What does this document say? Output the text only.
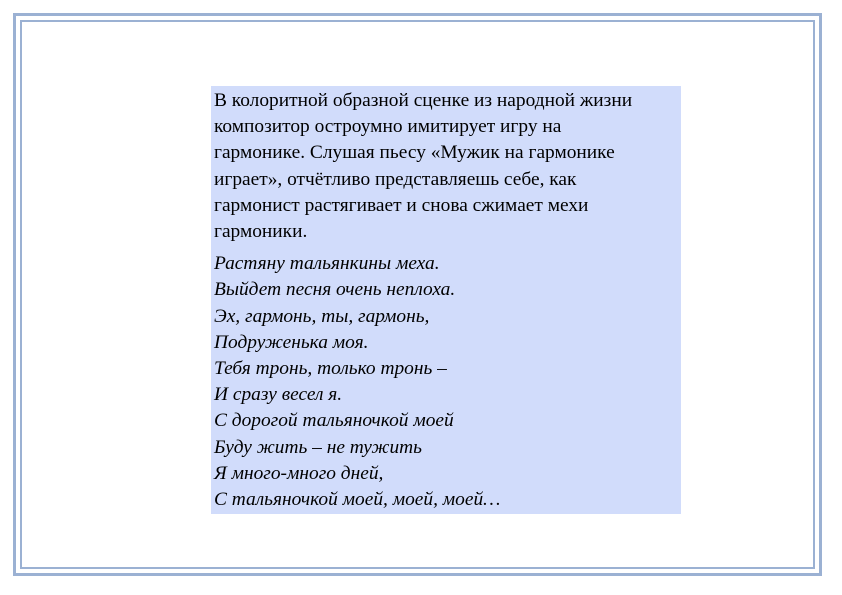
В колоритной образной сценке из народной жизни
композитор остроумно имитирует игру на
гармонике. Слушая пьесу «Мужик на гармонике
играет», отчётливо представляешь себе, как
гармонист растягивает и снова сжимает мехи
гармоники.

Растяну тальянкины меха.
Выйдет песня очень неплоха.
Эх, гармонь, ты, гармонь,
Подруженька моя.
Тебя тронь, только тронь –
И сразу весел я.
С дорогой тальяночкой моей
Буду жить – не тужить
Я много-много дней,
С тальяночкой моей, моей, моей…
